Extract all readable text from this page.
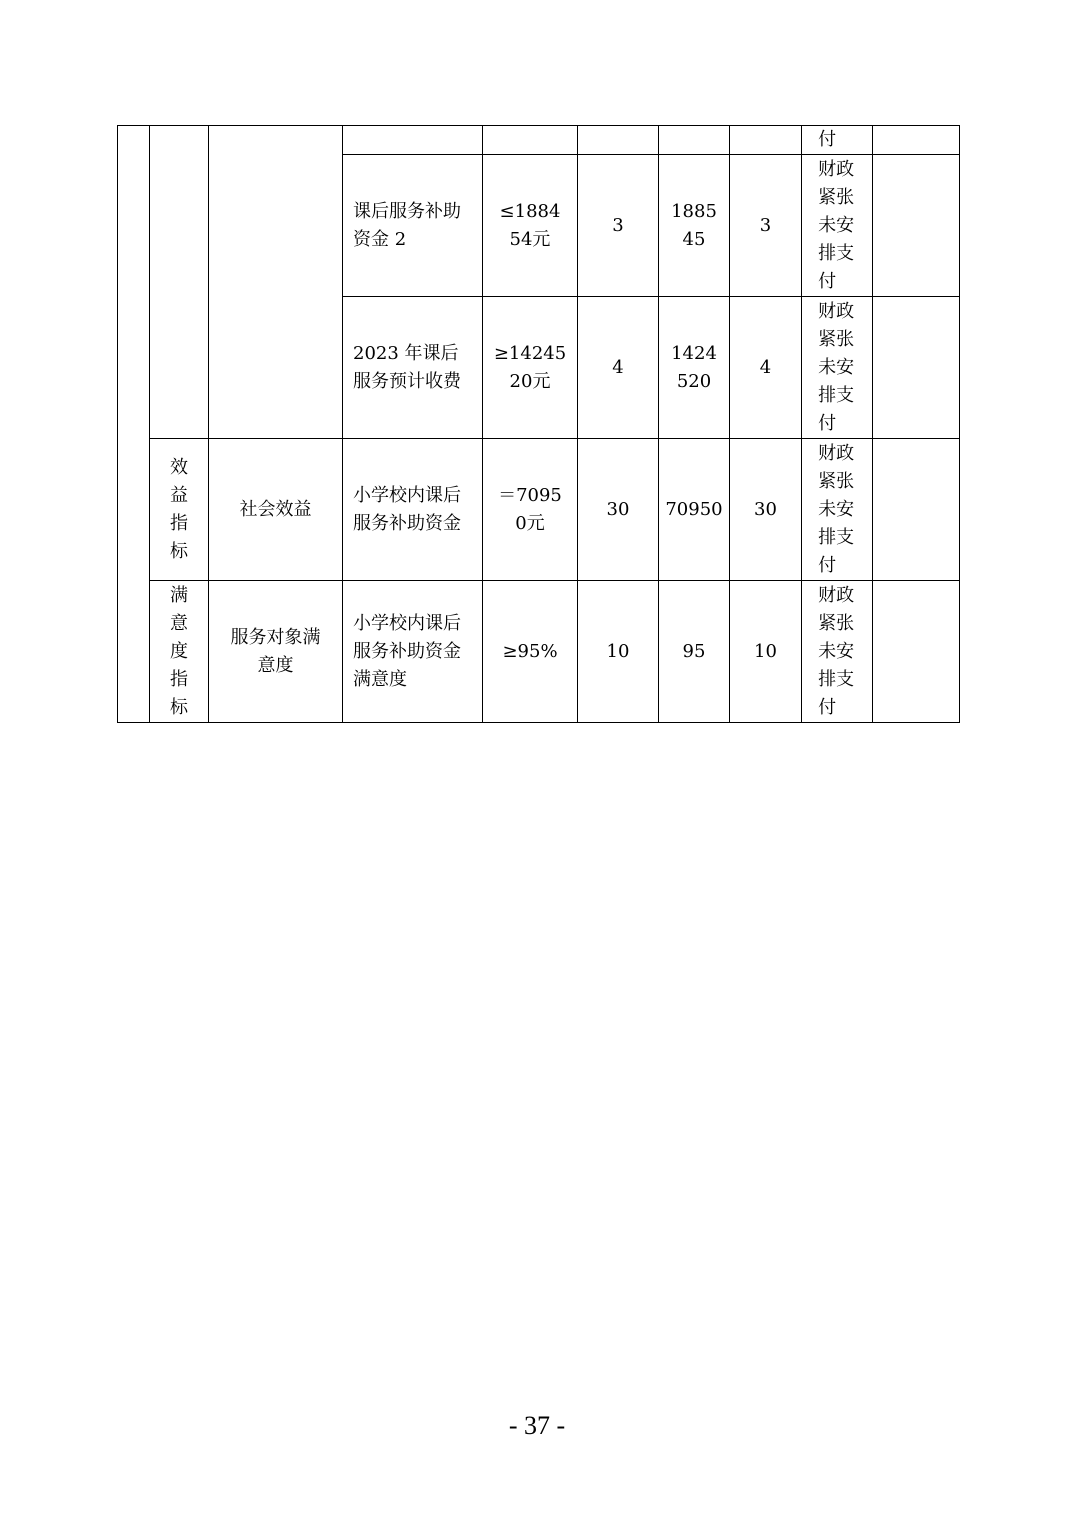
								付	

			课后服务补助资金 2	≤188454元	3	188545	3	财政紧张未安排支付	

			2023 年课后服务预计收费	≥1424520元	4	1424520	4	财政紧张未安排支付	

	效益指标	社会效益	小学校内课后服务补助资金	＝70950元	30	70950	30	财政紧张未安排支付	

	满意度指标	服务对象满意度	小学校内课后服务补助资金满意度	≥95%	10	95	10	财政紧张未安排支付	

- 37 -
